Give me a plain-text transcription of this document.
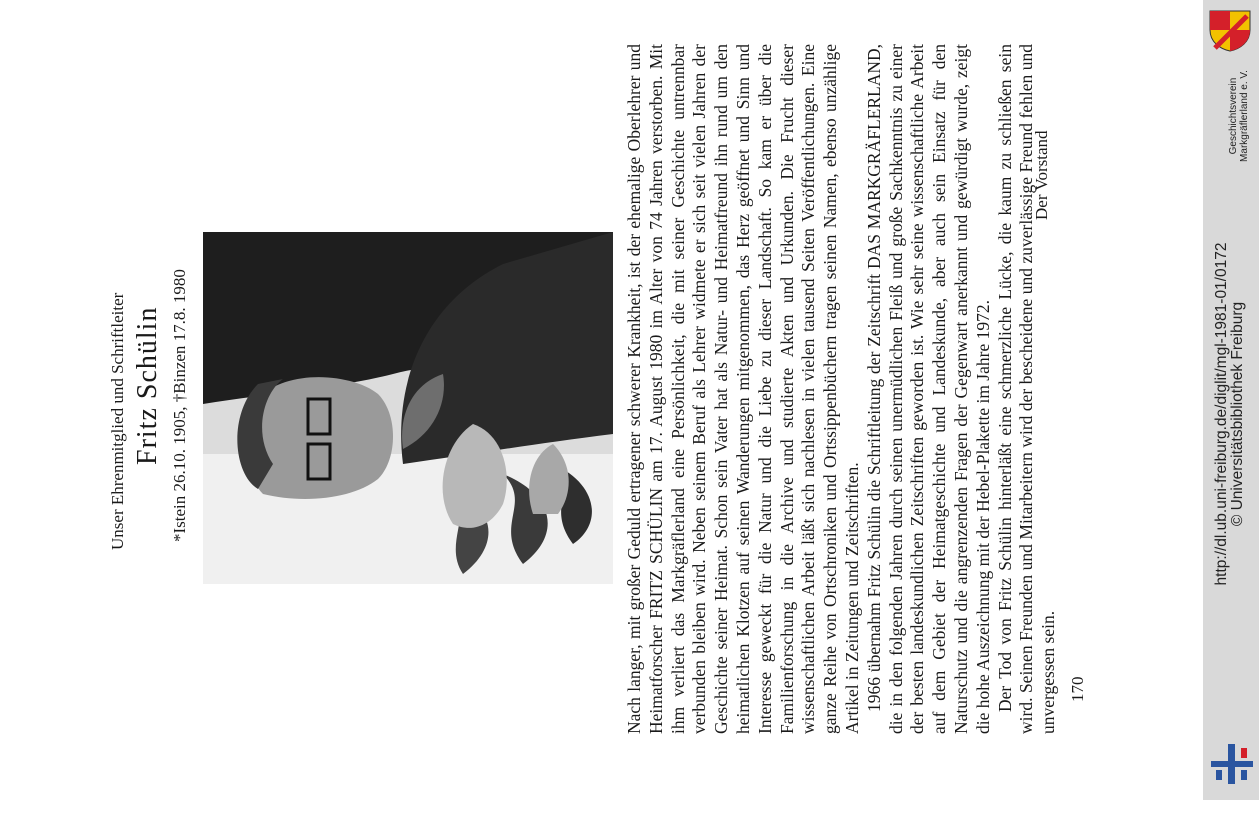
Unser Ehrenmitglied und Schriftleiter Fritz Schülin *Istein 26.10. 1905, †Binzen 17.8. 1980	Nach langer, mit großer Geduld ertragener schwerer Krankheit, ist der ehemalige Oberlehrer und Heimatforscher FRITZ SCHÜLIN am 17. August 1980 im Alter von 74 Jahren verstorben. Mit ihm verliert das Markgräflerland eine Persönlichkeit, die mit seiner Geschichte untrennbar verbunden bleiben wird. Neben seinem Beruf als Lehrer widmete er sich seit vielen Jahren der Geschichte seiner Heimat. Schon sein Vater hat als Natur- und Heimatfreund ihn rund um den heimatlichen Klotzen auf seinen Wanderungen mitgenommen, das Herz geöffnet und Sinn und Interesse geweckt für die Natur und die Liebe zu dieser Landschaft. So kam er über die Familienforschung in die Archive und studierte Akten und Urkunden. Die Frucht dieser wissenschaftlichen Arbeit läßt sich nachlesen in vielen tausend Seiten Veröffentlichungen. Eine ganze Reihe von Ortschroniken und Ortssippenbüchern tragen seinen Namen, ebenso unzählige Artikel in Zeitungen und Zeitschriften. 1966 übernahm Fritz Schülin die Schriftleitung der Zeitschrift DAS MARKGRÄFLERLAND, die in den folgenden Jahren durch seinen unermüdlichen Fleiß und große Sachkenntnis zu einer der besten landeskundlichen Zeitschriften geworden ist. Wie sehr seine wissenschaftliche Arbeit auf dem Gebiet der Heimatgeschichte und Landeskunde, aber auch sein Einsatz für den Naturschutz und die angrenzenden Fragen der Gegenwart anerkannt und gewürdigt wurde, zeigt die hohe Auszeichnung mit der Hebel-Plakette im Jahre 1972. Der Tod von Fritz Schülin hinterläßt eine schmerzliche Lücke, die kaum zu schließen sein wird. Seinen Freunden und Mitarbeitern wird der bescheidene und zuverlässige Freund fehlen und unvergessen sein.

Der Vorstand
170
Geschichtsverein Markgräflerland e. V.
http://dl.ub.uni-freiburg.de/diglit/mgl-1981-01/0172 © Universitätsbibliothek Freiburg
